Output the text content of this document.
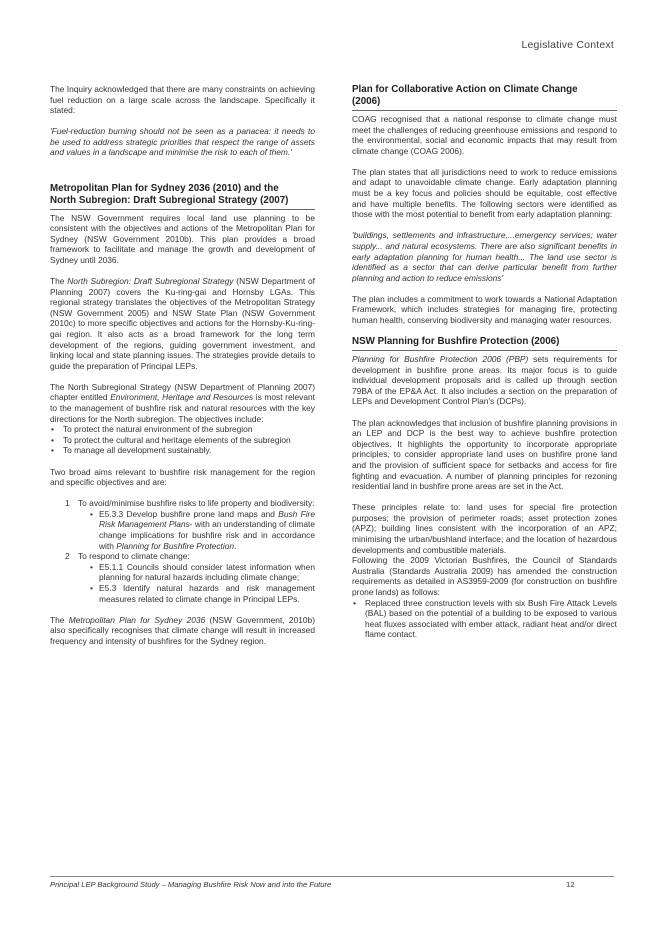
Legislative Context

The Inquiry acknowledged that there are many constraints on achieving fuel reduction on a large scale across the landscape. Specifically it stated:

'Fuel-reduction burning should not be seen as a panacea: it needs to be used to address strategic priorities that respect the range of assets and values in a landscape and minimise the risk to each of them.'

Metropolitan Plan for Sydney 2036 (2010) and the
North Subregion: Draft Subregional Strategy (2007)

The NSW Government requires local land use planning to be consistent with the objectives and actions of the Metropolitan Plan for Sydney (NSW Government 2010b). This plan provides a broad framework to facilitate and manage the growth and development of Sydney until 2036.

The North Subregion: Draft Subregional Strategy (NSW Department of Planning 2007) covers the Ku-ring-gai and Hornsby LGAs. This regional strategy translates the objectives of the Metropolitan Strategy (NSW Government 2005) and NSW State Plan (NSW Government 2010c) to more specific objectives and actions for the Hornsby-Ku-ring-gai region. It also acts as a broad framework for the long term development of the regions, guiding government investment, and linking local and state planning issues. The strategies provide details to guide the preparation of Principal LEPs.

The North Subregional Strategy (NSW Department of Planning 2007) chapter entitled Environment, Heritage and Resources is most relevant to the management of bushfire risk and natural resources with the key directions for the North subregion. The objectives include:

• To protect the natural environment of the subregion
• To protect the cultural and heritage elements of the subregion
• To manage all development sustainably.

Two broad aims relevant to bushfire risk management for the region and specific objectives and are:

1 To avoid/minimise bushfire risks to life property and biodiversity:
• E5.3.3 Develop bushfire prone land maps and Bush Fire Risk Management Plans- with an understanding of climate change implications for bushfire risk and in accordance with Planning for Bushfire Protection.
2 To respond to climate change:
• E5.1.1 Councils should consider latest information when planning for natural hazards including climate change;
• E5.3 Identify natural hazards and risk management measures related to climate change in Principal LEPs.

The Metropolitan Plan for Sydney 2036 (NSW Government, 2010b) also specifically recognises that climate change will result in increased frequency and intensity of bushfires for the Sydney region.

Plan for Collaborative Action on Climate Change
(2006)

COAG recognised that a national response to climate change must meet the challenges of reducing greenhouse emissions and respond to the environmental, social and economic impacts that may result from climate change (COAG 2006).

The plan states that all jurisdictions need to work to reduce emissions and adapt to unavoidable climate change. Early adaptation planning must be a key focus and policies should be equitable, cost effective and have multiple benefits. The following sectors were identified as those with the most potential to benefit from early adaptation planning:

'buildings, settlements and infrastructure,...emergency services; water supply... and natural ecosystems. There are also significant benefits in early adaptation planning for human health... The land use sector is identified as a sector that can derive particular benefit from further planning and action to reduce emissions'

The plan includes a commitment to work towards a National Adaptation Framework, which includes strategies for managing fire, protecting human health, conserving biodiversity and managing water resources.

NSW Planning for Bushfire Protection (2006)

Planning for Bushfire Protection 2006 (PBP) sets requirements for development in bushfire prone areas. Its major focus is to guide individual development proposals and is called up through section 79BA of the EP&A Act. It also includes a section on the preparation of LEPs and Development Control Plan's (DCPs).

The plan acknowledges that inclusion of bushfire planning provisions in an LEP and DCP is the best way to achieve bushfire protection objectives. It highlights the opportunity to incorporate appropriate principles, to consider appropriate land uses on bushfire prone land and the provision of sufficient space for setbacks and access for fire fighting and evacuation. A number of planning principles for rezoning residential land in bushfire prone areas are set in the Act.

These principles relate to: land uses for special fire protection purposes; the provision of perimeter roads; asset protection zones (APZ); building lines consistent with the incorporation of an APZ; minimising the urban/bushland interface; and the location of hazardous developments and combustible materials.

Following the 2009 Victorian Bushfires, the Council of Standards Australia (Standards Australia 2009) has amended the construction requirements as detailed in AS3959-2009 (for construction on bushfire prone lands) as follows:

• Replaced three construction levels with six Bush Fire Attack Levels (BAL) based on the potential of a building to be exposed to various heat fluxes associated with ember attack, radiant heat and/or direct flame contact.
Principal LEP Background Study – Managing Bushfire Risk Now and into the Future	12
